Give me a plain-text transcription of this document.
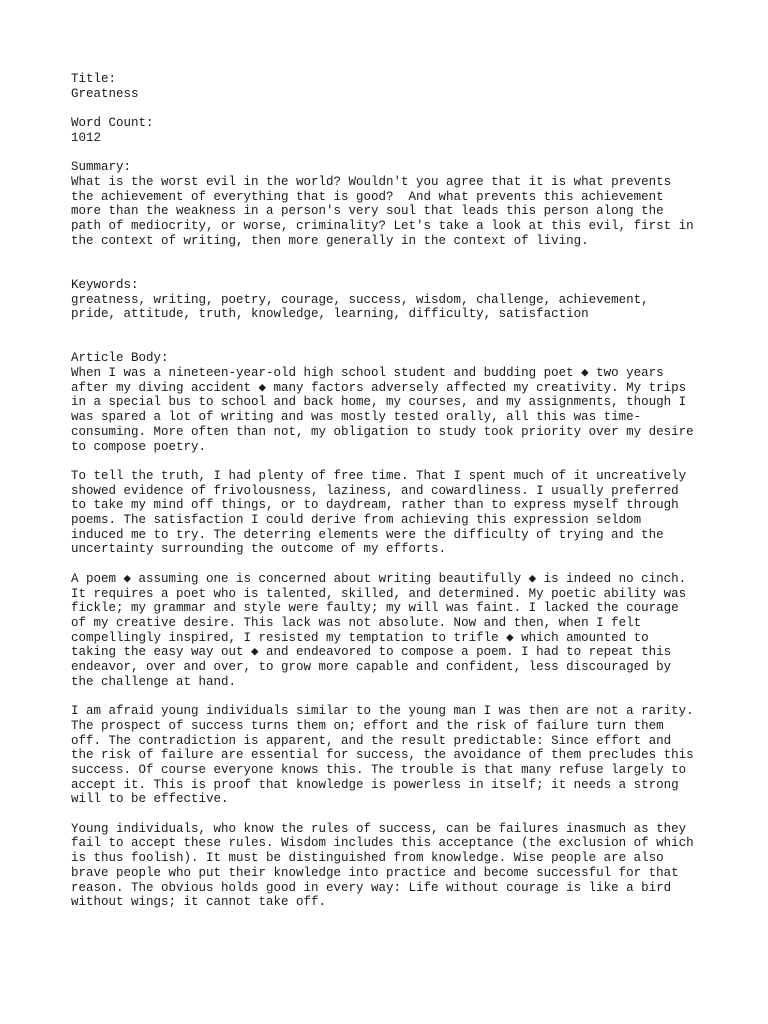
Title:
Greatness
Word Count:
1012
Summary:
What is the worst evil in the world? Wouldn't you agree that it is what prevents
the achievement of everything that is good?  And what prevents this achievement
more than the weakness in a person's very soul that leads this person along the
path of mediocrity, or worse, criminality? Let's take a look at this evil, first in
the context of writing, then more generally in the context of living.
Keywords:
greatness, writing, poetry, courage, success, wisdom, challenge, achievement,
pride, attitude, truth, knowledge, learning, difficulty, satisfaction
Article Body:
When I was a nineteen-year-old high school student and budding poet ◆ two years
after my diving accident ◆ many factors adversely affected my creativity. My trips
in a special bus to school and back home, my courses, and my assignments, though I
was spared a lot of writing and was mostly tested orally, all this was time-
consuming. More often than not, my obligation to study took priority over my desire
to compose poetry.
To tell the truth, I had plenty of free time. That I spent much of it uncreatively
showed evidence of frivolousness, laziness, and cowardliness. I usually preferred
to take my mind off things, or to daydream, rather than to express myself through
poems. The satisfaction I could derive from achieving this expression seldom
induced me to try. The deterring elements were the difficulty of trying and the
uncertainty surrounding the outcome of my efforts.
A poem ◆ assuming one is concerned about writing beautifully ◆ is indeed no cinch.
It requires a poet who is talented, skilled, and determined. My poetic ability was
fickle; my grammar and style were faulty; my will was faint. I lacked the courage
of my creative desire. This lack was not absolute. Now and then, when I felt
compellingly inspired, I resisted my temptation to trifle ◆ which amounted to
taking the easy way out ◆ and endeavored to compose a poem. I had to repeat this
endeavor, over and over, to grow more capable and confident, less discouraged by
the challenge at hand.
I am afraid young individuals similar to the young man I was then are not a rarity.
The prospect of success turns them on; effort and the risk of failure turn them
off. The contradiction is apparent, and the result predictable: Since effort and
the risk of failure are essential for success, the avoidance of them precludes this
success. Of course everyone knows this. The trouble is that many refuse largely to
accept it. This is proof that knowledge is powerless in itself; it needs a strong
will to be effective.
Young individuals, who know the rules of success, can be failures inasmuch as they
fail to accept these rules. Wisdom includes this acceptance (the exclusion of which
is thus foolish). It must be distinguished from knowledge. Wise people are also
brave people who put their knowledge into practice and become successful for that
reason. The obvious holds good in every way: Life without courage is like a bird
without wings; it cannot take off.
